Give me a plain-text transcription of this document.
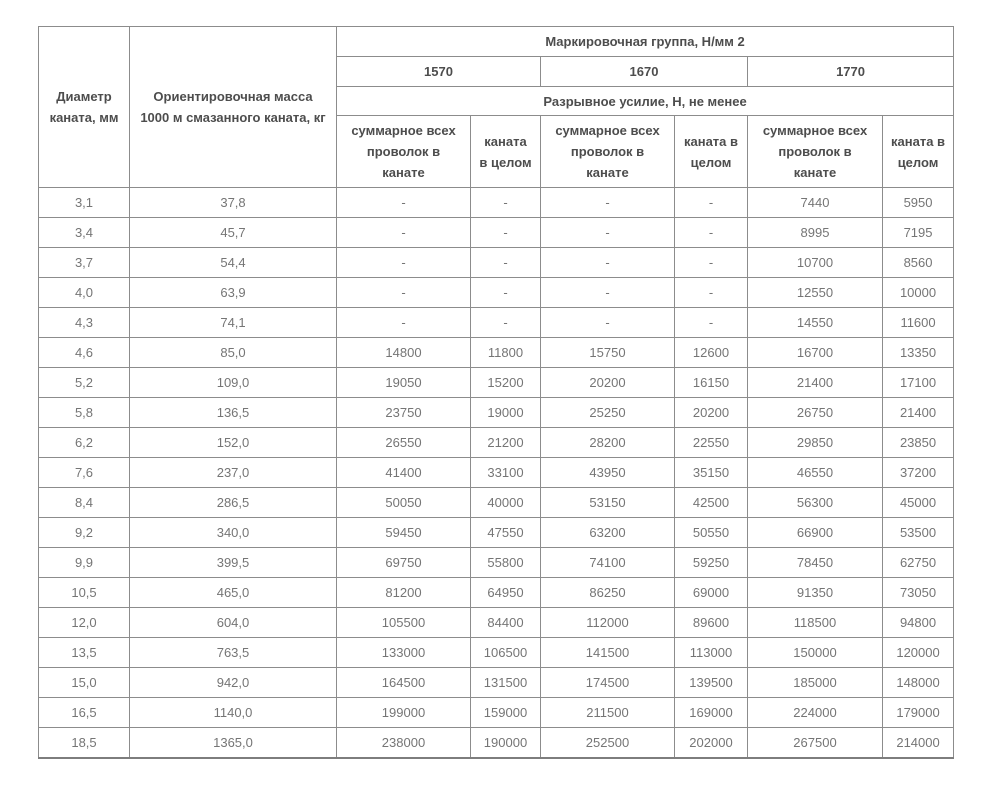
Диаметр каната, мм	Ориентировочная масса 1000 м смазанного каната, кг	Маркировочная группа, Н/мм 2					
		1570		1670		1770	
		Разрывное усилие, Н, не менее					
		суммарное всех проволок в канате	каната в целом	суммарное всех проволок в канате	каната в целом	суммарное всех проволок в канате	каната в целом
3,1	37,8	-	-	-	-	7440	5950
3,4	45,7	-	-	-	-	8995	7195
3,7	54,4	-	-	-	-	10700	8560
4,0	63,9	-	-	-	-	12550	10000
4,3	74,1	-	-	-	-	14550	11600
4,6	85,0	14800	11800	15750	12600	16700	13350
5,2	109,0	19050	15200	20200	16150	21400	17100
5,8	136,5	23750	19000	25250	20200	26750	21400
6,2	152,0	26550	21200	28200	22550	29850	23850
7,6	237,0	41400	33100	43950	35150	46550	37200
8,4	286,5	50050	40000	53150	42500	56300	45000
9,2	340,0	59450	47550	63200	50550	66900	53500
9,9	399,5	69750	55800	74100	59250	78450	62750
10,5	465,0	81200	64950	86250	69000	91350	73050
12,0	604,0	105500	84400	112000	89600	118500	94800
13,5	763,5	133000	106500	141500	113000	150000	120000
15,0	942,0	164500	131500	174500	139500	185000	148000
16,5	1140,0	199000	159000	211500	169000	224000	179000
18,5	1365,0	238000	190000	252500	202000	267500	214000
